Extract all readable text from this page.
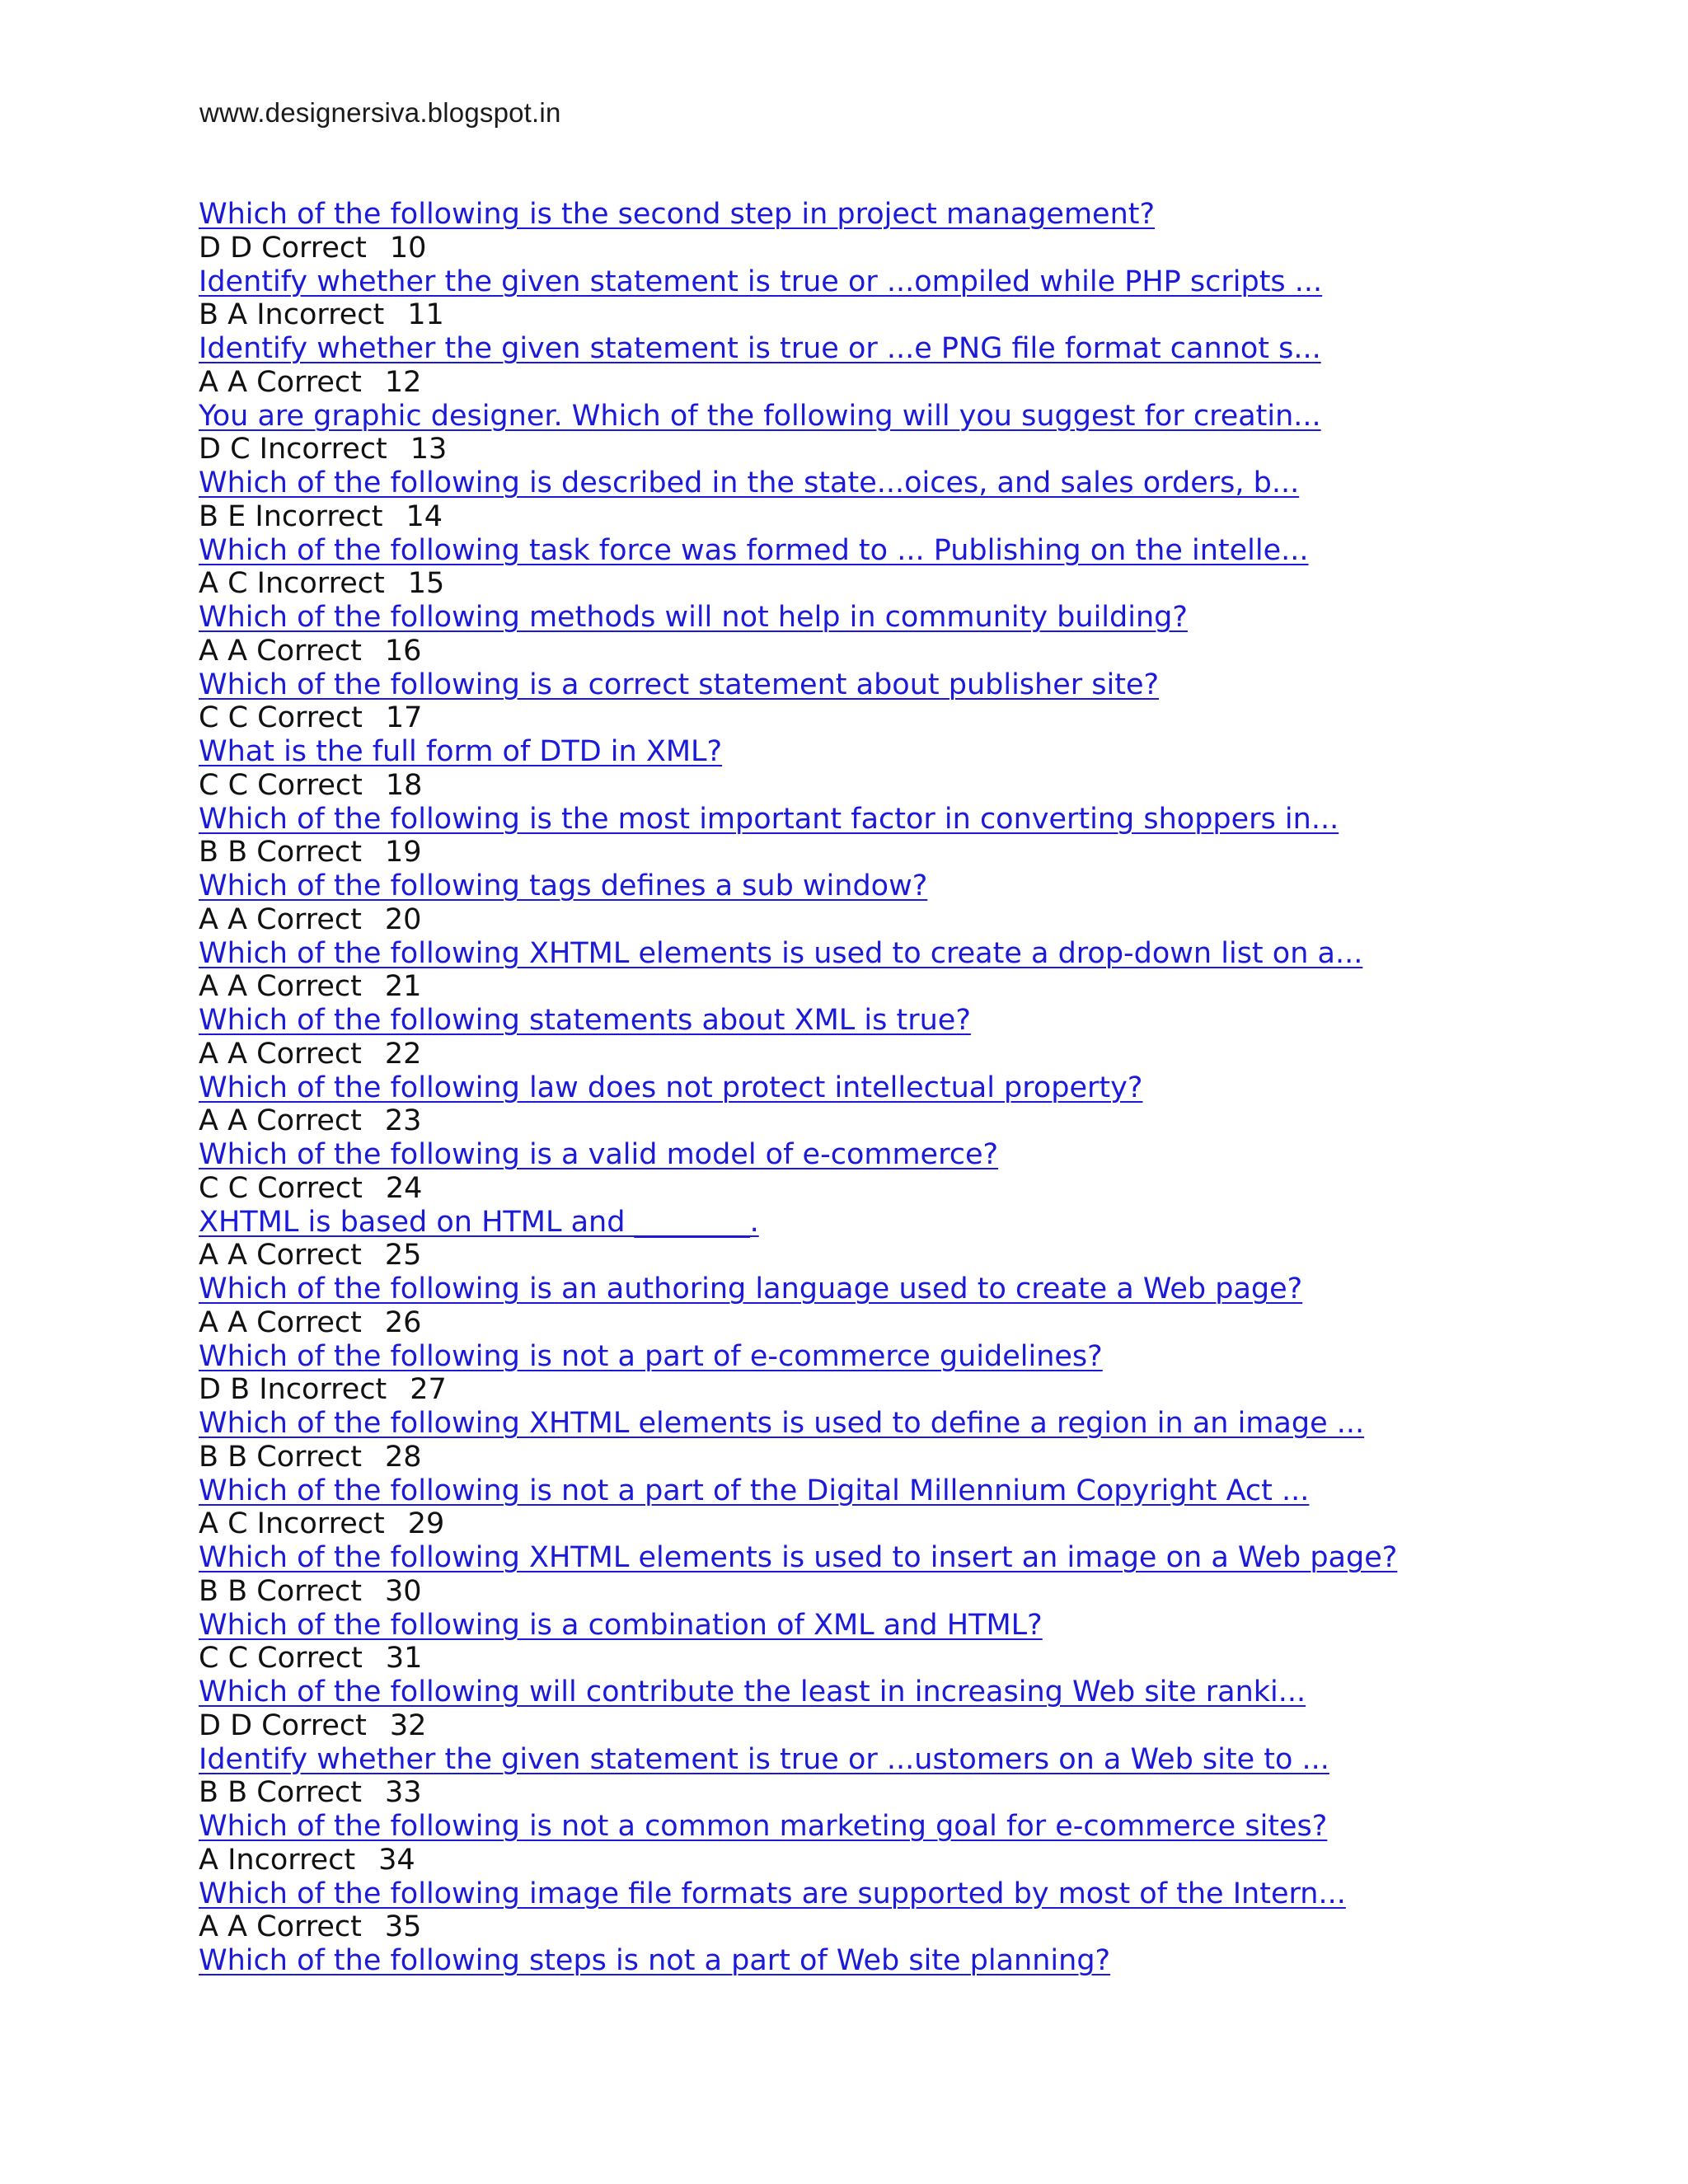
www.designersiva.blogspot.in
Which of the following is the second step in project management?
D D Correct 10
Identify whether the given statement is true or ...ompiled while PHP scripts ...
B A Incorrect 11
Identify whether the given statement is true or ...e PNG file format cannot s...
A A Correct 12
You are graphic designer. Which of the following will you suggest for creatin...
D C Incorrect 13
Which of the following is described in the state...oices, and sales orders, b...
B E Incorrect 14
Which of the following task force was formed to ... Publishing on the intelle...
A C Incorrect 15
Which of the following methods will not help in community building?
A A Correct 16
Which of the following is a correct statement about publisher site?
C C Correct 17
What is the full form of DTD in XML?
C C Correct 18
Which of the following is the most important factor in converting shoppers in...
B B Correct 19
Which of the following tags defines a sub window?
A A Correct 20
Which of the following XHTML elements is used to create a drop-down list on a...
A A Correct 21
Which of the following statements about XML is true?
A A Correct 22
Which of the following law does not protect intellectual property?
A A Correct 23
Which of the following is a valid model of e-commerce?
C C Correct 24
XHTML is based on HTML and ________.
A A Correct 25
Which of the following is an authoring language used to create a Web page?
A A Correct 26
Which of the following is not a part of e-commerce guidelines?
D B Incorrect 27
Which of the following XHTML elements is used to define a region in an image ...
B B Correct 28
Which of the following is not a part of the Digital Millennium Copyright Act ...
A C Incorrect 29
Which of the following XHTML elements is used to insert an image on a Web page?
B B Correct 30
Which of the following is a combination of XML and HTML?
C C Correct 31
Which of the following will contribute the least in increasing Web site ranki...
D D Correct 32
Identify whether the given statement is true or ...ustomers on a Web site to ...
B B Correct 33
Which of the following is not a common marketing goal for e-commerce sites?
A Incorrect 34
Which of the following image file formats are supported by most of the Intern...
A A Correct 35
Which of the following steps is not a part of Web site planning?
